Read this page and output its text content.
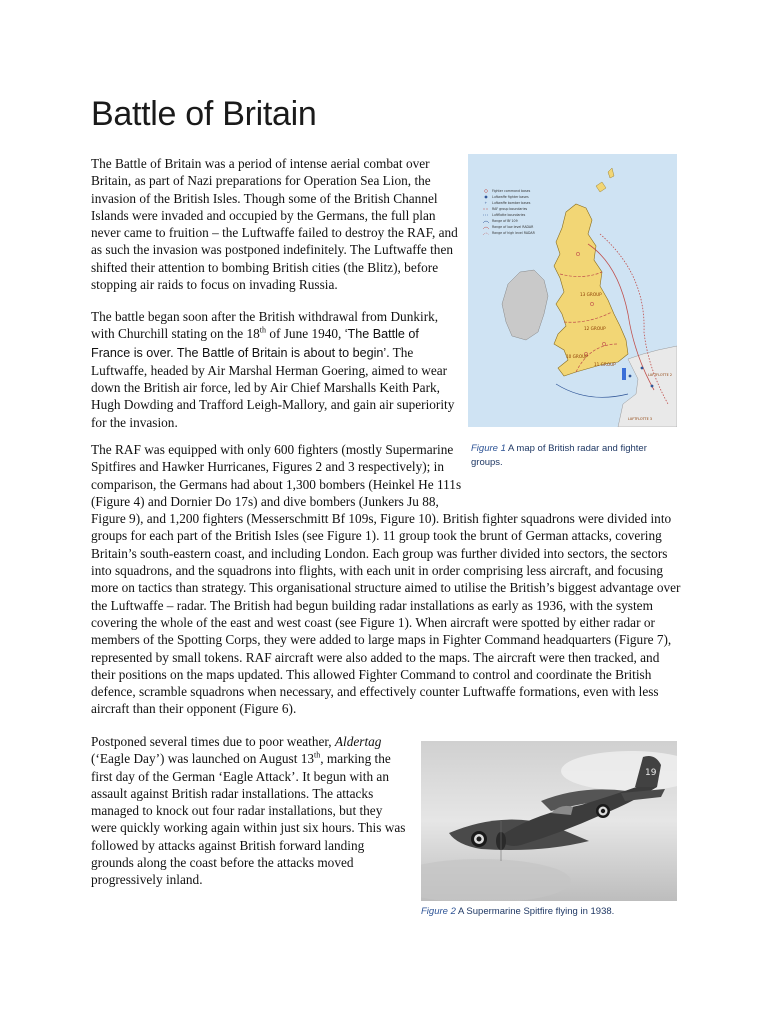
Battle of Britain

The Battle of Britain was a period of intense aerial combat over Britain, as part of Nazi preparations for Operation Sea Lion, the invasion of the British Isles. Though some of the British Channel Islands were invaded and occupied by the Germans, the full plan never came to fruition – the Luftwaffe failed to destroy the RAF, and as such the invasion was postponed indefinitely. The Luftwaffe then shifted their attention to bombing British cities (the Blitz), before stopping air raids to focus on invading Russia.

The battle began soon after the British withdrawal from Dunkirk, with Churchill stating on the 18th of June 1940, ‘The Battle of France is over. The Battle of Britain is about to begin’. The Luftwaffe, headed by Air Marshal Herman Goering, aimed to wear down the British air force, led by Air Chief Marshalls Keith Park, Hugh Dowding and Trafford Leigh-Mallory, and gain air superiority for the invasion.

The RAF was equipped with only 600 fighters (mostly Supermarine Spitfires and Hawker Hurricanes, Figures 2 and 3 respectively); in comparison, the Germans had about 1,300 bombers (Heinkel He 111s (Figure 4) and Dornier Do 17s) and dive bombers (Junkers Ju 88, Figure 9), and 1,200 fighters (Messerschmitt Bf 109s, Figure 10). British fighter squadrons were divided into groups for each part of the British Isles (see Figure 1). 11 group took the brunt of German attacks, covering Britain’s south-eastern coast, and including London. Each group was further divided into sectors, the sectors into squadrons, and the squadrons into flights, with each unit in order comprising less aircraft, and focusing more on tactics than strategy. This organisational structure aimed to utilise the British’s biggest advantage over the Luftwaffe – radar. The British had begun building radar installations as early as 1936, with the system covering the whole of the east and west coast (see Figure 1). When aircraft were spotted by either radar or members of the Spotting Corps, they were added to large maps in Fighter Command headquarters (Figure 7), represented by small tokens. RAF aircraft were also added to the maps. The aircraft were then tracked, and their positions on the maps updated. This allowed Fighter Command to control and coordinate the British defence, scramble squadrons when necessary, and effectively counter Luftwaffe formations, even with less aircraft than their opponent (Figure 6).

Postponed several times due to poor weather, Aldertag (‘Eagle Day’) was launched on August 13th, marking the first day of the German ‘Eagle Attack’. It begun with an assault against British radar installations. The attacks managed to knock out four radar installations, but they were quickly working again within just six hours. This was followed by attacks against British forward landing grounds along the coast before the attacks moved progressively inland.

13 GROUP
12 GROUP
10 GROUP
11 GROUP
LUFTFLOTTE 2
LUFTFLOTTE 3
Fighter command bases
Luftwaffe fighter bases
+ Luftwaffe bomber bases
RAF group boundaries
Luftflotte boundaries
Range of Bf 109
Range of low level RADAR
Range of high level RADAR
Figure 1 A map of British radar and fighter groups.
19
Figure 2 A Supermarine Spitfire flying in 1938.
